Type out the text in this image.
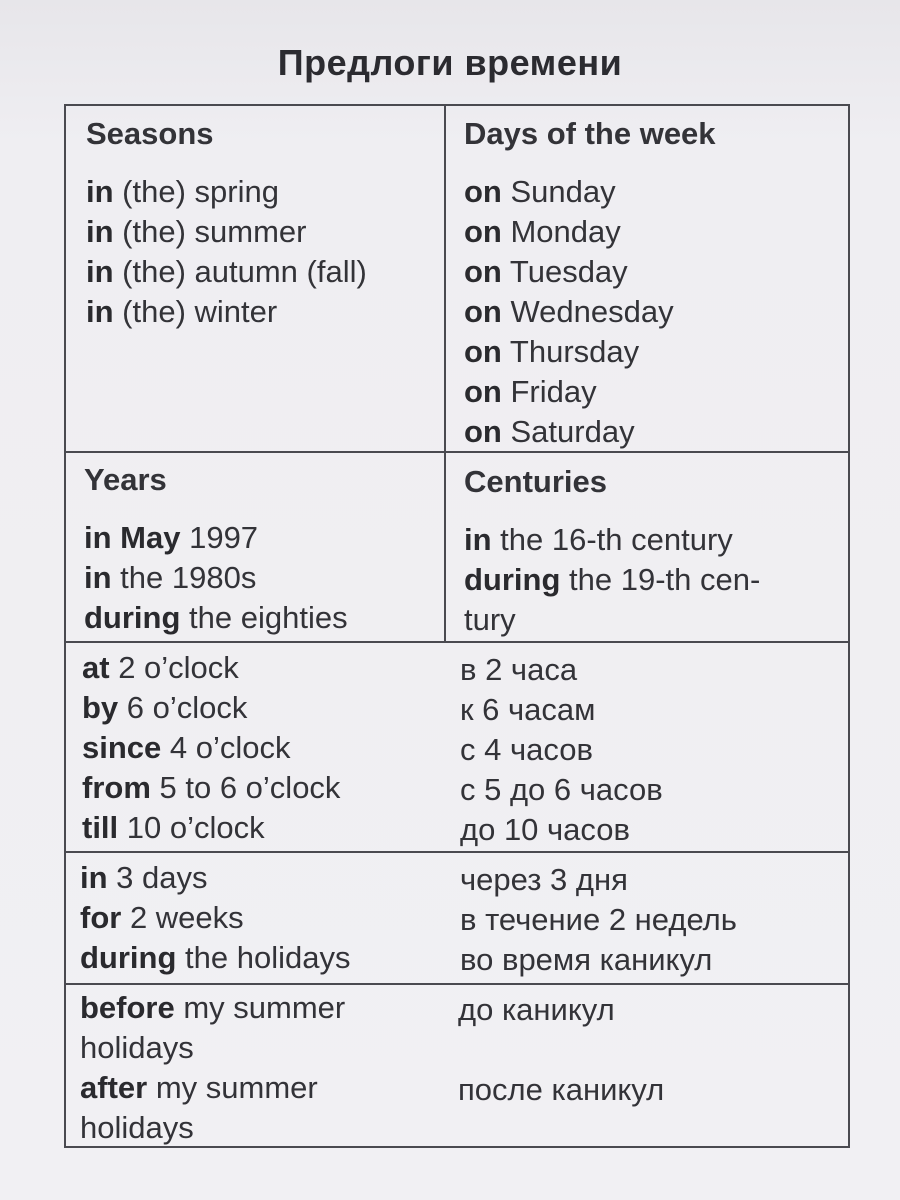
Предлоги времени
Seasons
in (the) spring
in (the) summer
in (the) autumn (fall)
in (the) winter
Days of the week
on Sunday
on Monday
on Tuesday
on Wednesday
on Thursday
on Friday
on Saturday
Years
in May 1997
in the 1980s
during the eighties
Centuries
in the 16-th century
during the 19-th cen-
tury
at 2 o’clock
by 6 o’clock
since 4 o’clock
from 5 to 6 o’clock
till 10 o’clock
в 2 часа
к 6 часам
с 4 часов
с 5 до 6 часов
до 10 часов
in 3 days
for 2 weeks
during the holidays
через 3 дня
в течение 2 недель
во время каникул
before my summer
holidays
after my summer
holidays
до каникул

после каникул
